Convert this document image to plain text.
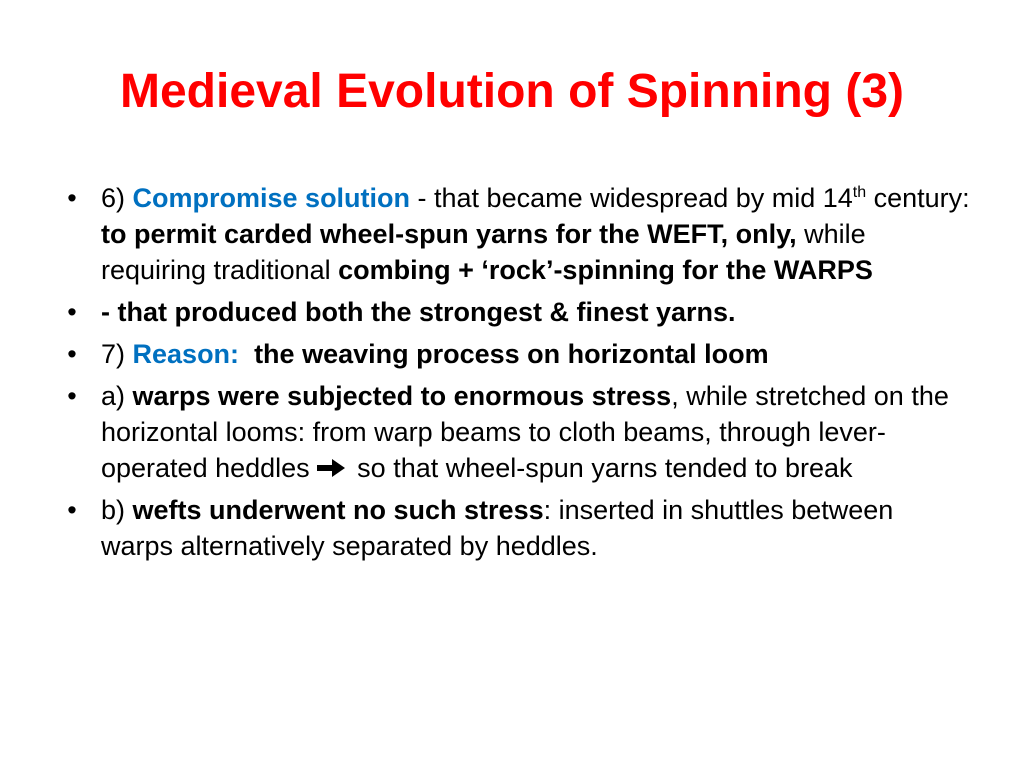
Medieval Evolution of Spinning (3)
• 6) Compromise solution - that became widespread by mid 14th century: to permit carded wheel-spun yarns for the WEFT, only, while requiring traditional combing + ‘rock’-spinning for the WARPS
• - that produced both the strongest & finest yarns.
• 7) Reason: the weaving process on horizontal loom
• a) warps were subjected to enormous stress, while stretched on the horizontal looms: from warp beams to cloth beams, through lever-operated heddles so that wheel-spun yarns tended to break
• b) wefts underwent no such stress: inserted in shuttles between warps alternatively separated by heddles.
